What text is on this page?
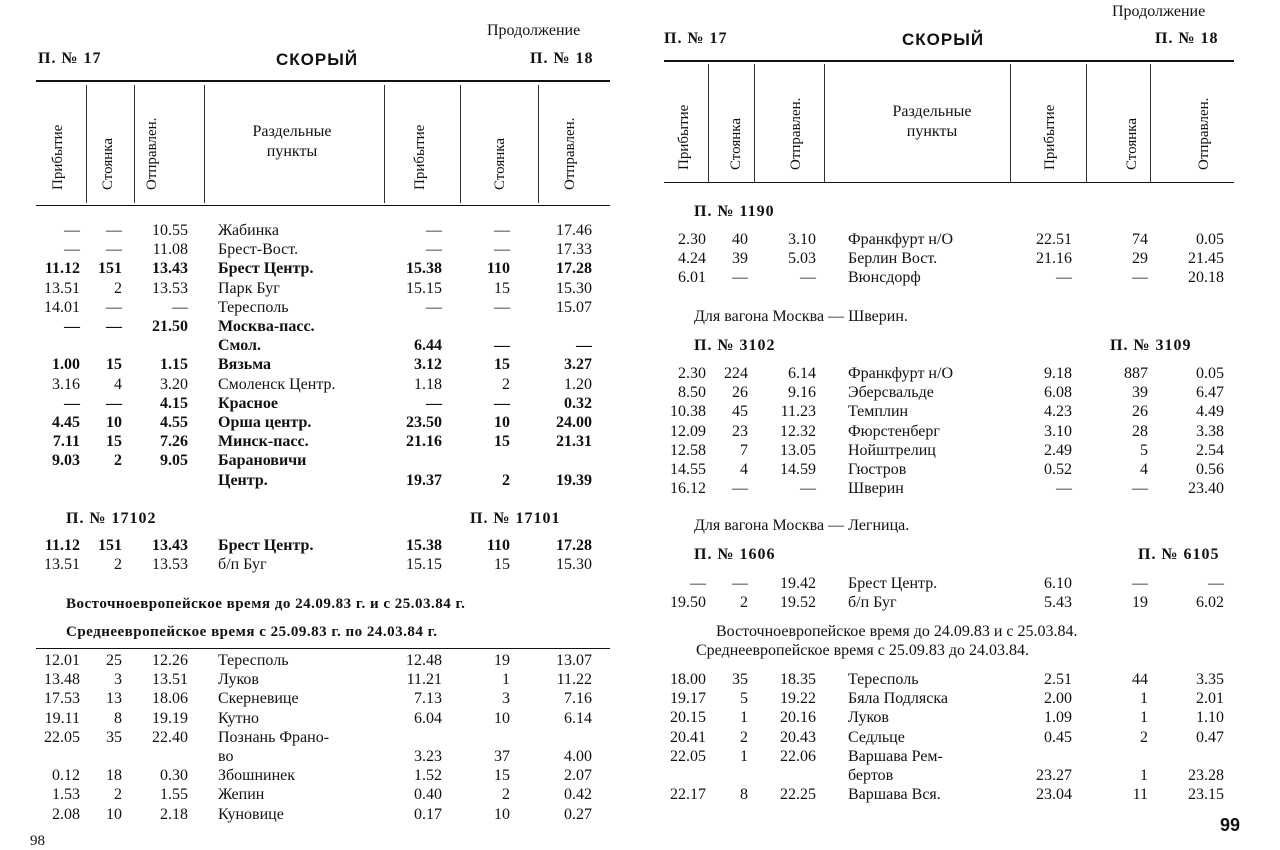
Продолжение
П. № 17	СКОРЫЙ	П. № 18
Прибытие Стоянка Отправлен.	Прибытие	Стоянка	Отправлен.
Раздельные пункты
—	—	10.55 Жабинка	—	—	17.46
—	—	11.08 Брест-Вост.	—	—	17.33
11.12	151	13.43 Брест Центр.	15.38	110	17.28
13.51	2	13.53 Парк Буг	15.15	15	15.30
14.01	—	— Тересполь	—	—	15.07
—	—	21.50 Москва-пасс.
Смол.	6.44	—	—
1.00	15	1.15 Вязьма	3.12	15	3.27
3.16	4	3.20 Смоленск Центр.	1.18	2	1.20
—	—	4.15 Красное	—	—	0.32
4.45	10	4.55 Орша центр.	23.50	10	24.00
7.11	15	7.26 Минск-пасс.	21.16	15	21.31
9.03	2	9.05 Барановичи
Центр.	19.37	2	19.39
П. № 17102	П. № 17101
11.12	151	13.43 Брест Центр.	15.38	110	17.28
13.51	2	13.53 б/п Буг	15.15	15	15.30
Восточноевропейское время до 24.09.83 г. и с 25.03.84 г.
Среднеевропейское время с 25.09.83 г. по 24.03.84 г.
12.01	25	12.26 Тересполь	12.48	19	13.07
13.48	3	13.51 Луков	11.21	1	11.22
17.53	13	18.06 Скерневице	7.13	3	7.16
19.11	8	19.19 Кутно	6.04	10	6.14
22.05	35	22.40 Познань Франо-
во	3.23	37	4.00
0.12	18	0.30 Збошнинек	1.52	15	2.07
1.53	2	1.55 Жепин	0.40	2	0.42
2.08	10	2.18 Куновице	0.17	10	0.27
98
Продолжение
П. № 17	СКОРЫЙ	П. № 18
Прибытие Стоянка	Отправлен.	Прибытие	Стоянка	Отправлен.
Раздельные пункты
П. № 1190
2.30	40	3.10 Франкфурт н/О	22.51	74	0.05
4.24	39	5.03 Берлин Вост.	21.16	29	21.45
6.01	—	— Вюнсдорф	—	—	20.18
Для вагона Москва — Шверин.
П. № 3102	П. № 3109
2.30	224	6.14 Франкфурт н/О	9.18	887	0.05
8.50	26	9.16 Эберсвальде	6.08	39	6.47
10.38	45	11.23 Темплин	4.23	26	4.49
12.09	23	12.32 Фюрстенберг	3.10	28	3.38
12.58	7	13.05 Нойштрелиц	2.49	5	2.54
14.55	4	14.59 Гюстров	0.52	4	0.56
16.12	—	— Шверин	—	—	23.40
Для вагона Москва — Легница.
П. № 1606	П. № 6105
—	—	19.42 Брест Центр.	6.10	—	—
19.50	2	19.52 б/п Буг	5.43	19	6.02
Восточноевропейское время до 24.09.83 и с 25.03.84.
Среднеевропейское время с 25.09.83 до 24.03.84.
18.00	35	18.35 Тересполь	2.51	44	3.35
19.17	5	19.22 Бяла Подляска	2.00	1	2.01
20.15	1	20.16 Луков	1.09	1	1.10
20.41	2	20.43 Седльце	0.45	2	0.47
22.05	1	22.06 Варшава Рем-
бертов	23.27	1	23.28
22.17	8	22.25 Варшава Вся.	23.04	11	23.15
99
